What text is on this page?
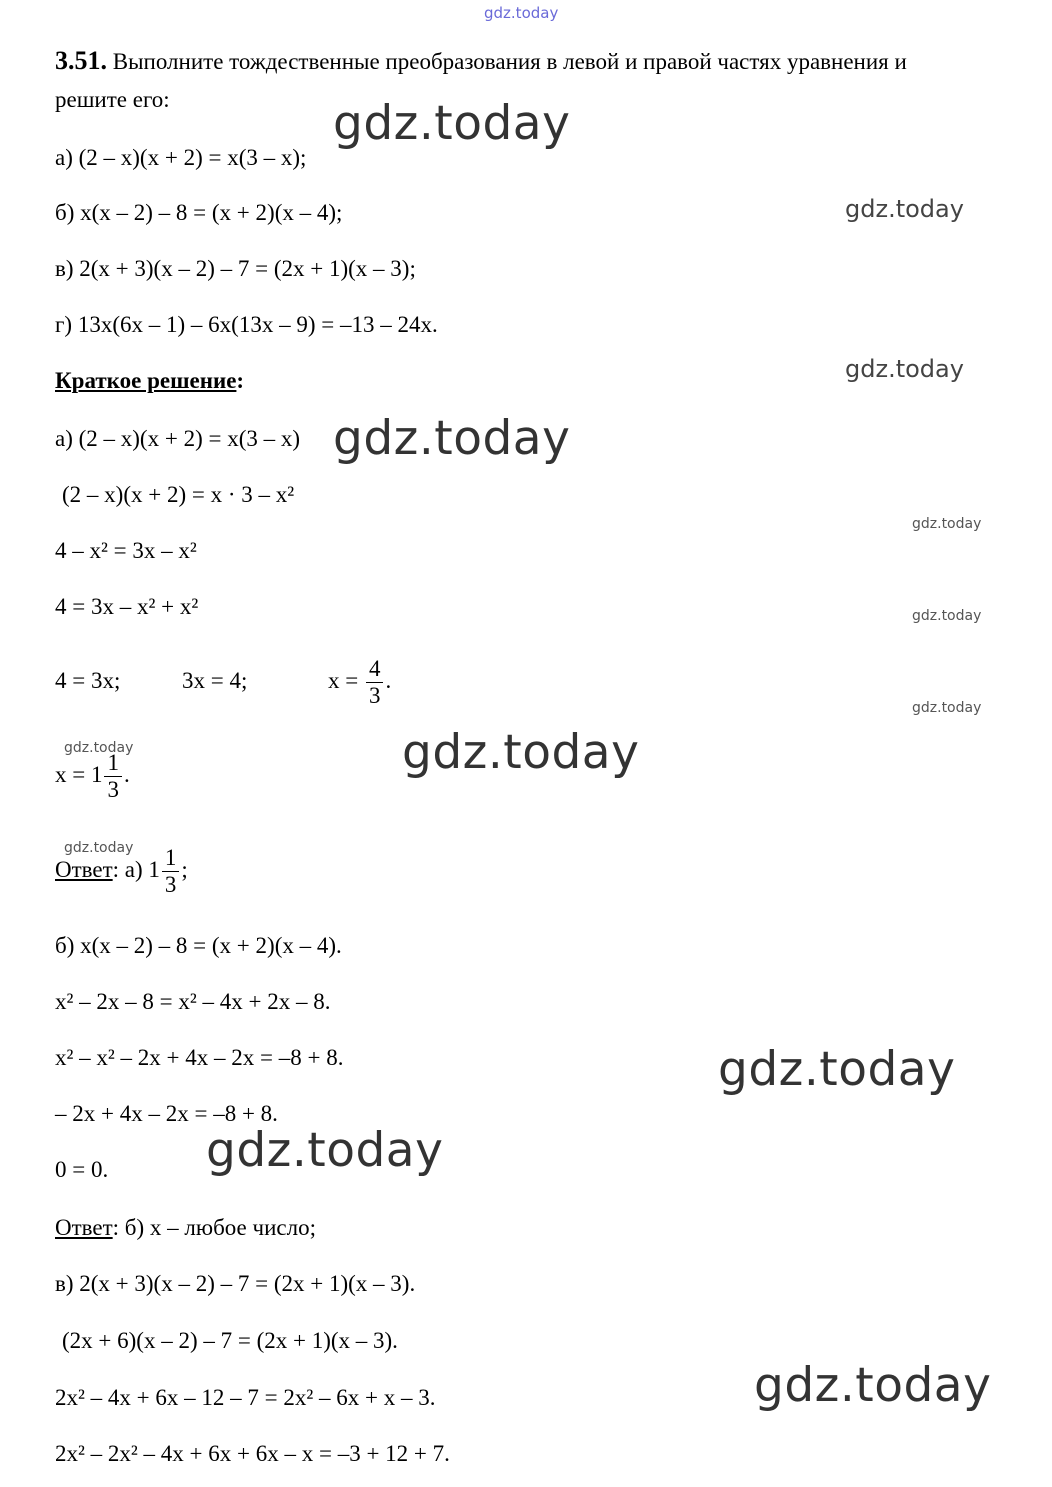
gdz.today
3.51. Выполните тождественные преобразования в левой и правой частях уравнения и
решите его:
а) (2 – x)(x + 2) = x(3 – x);
б) x(x – 2) – 8 = (x + 2)(x – 4);
в) 2(x + 3)(x – 2) – 7 = (2x + 1)(x – 3);
г) 13x(6x – 1) – 6x(13x – 9) = –13 – 24x.
Краткое решение:
а) (2 – x)(x + 2) = x(3 – x)
(2 – x)(x + 2) = x · 3 – x²
4 – x² = 3x – x²
4 = 3x – x² + x²
4 = 3x;	3x = 4;	$x = \frac{4}{3}$ .
$x = 1 \frac{1}{3}$ .
Ответ: а) $1 \frac{1}{3}$ ;
б) x(x – 2) – 8 = (x + 2)(x – 4).
x² – 2x – 8 = x² – 4x + 2x – 8.
x² – x² – 2x + 4x – 2x = –8 + 8.
– 2x + 4x – 2x = –8 + 8.
0 = 0.
Ответ: б) x – любое число;
в) 2(x + 3)(x – 2) – 7 = (2x + 1)(x – 3).
(2x + 6)(x – 2) – 7 = (2x + 1)(x – 3).
2x² – 4x + 6x – 12 – 7 = 2x² – 6x + x – 3.
2x² – 2x² – 4x + 6x + 6x – x = –3 + 12 + 7.
gdz.today
gdz.today
gdz.today
gdz.today
gdz.today
gdz.today
gdz.today
gdz.today	gdz.today
gdz.today
gdz.today
gdz.today
gdz.today
